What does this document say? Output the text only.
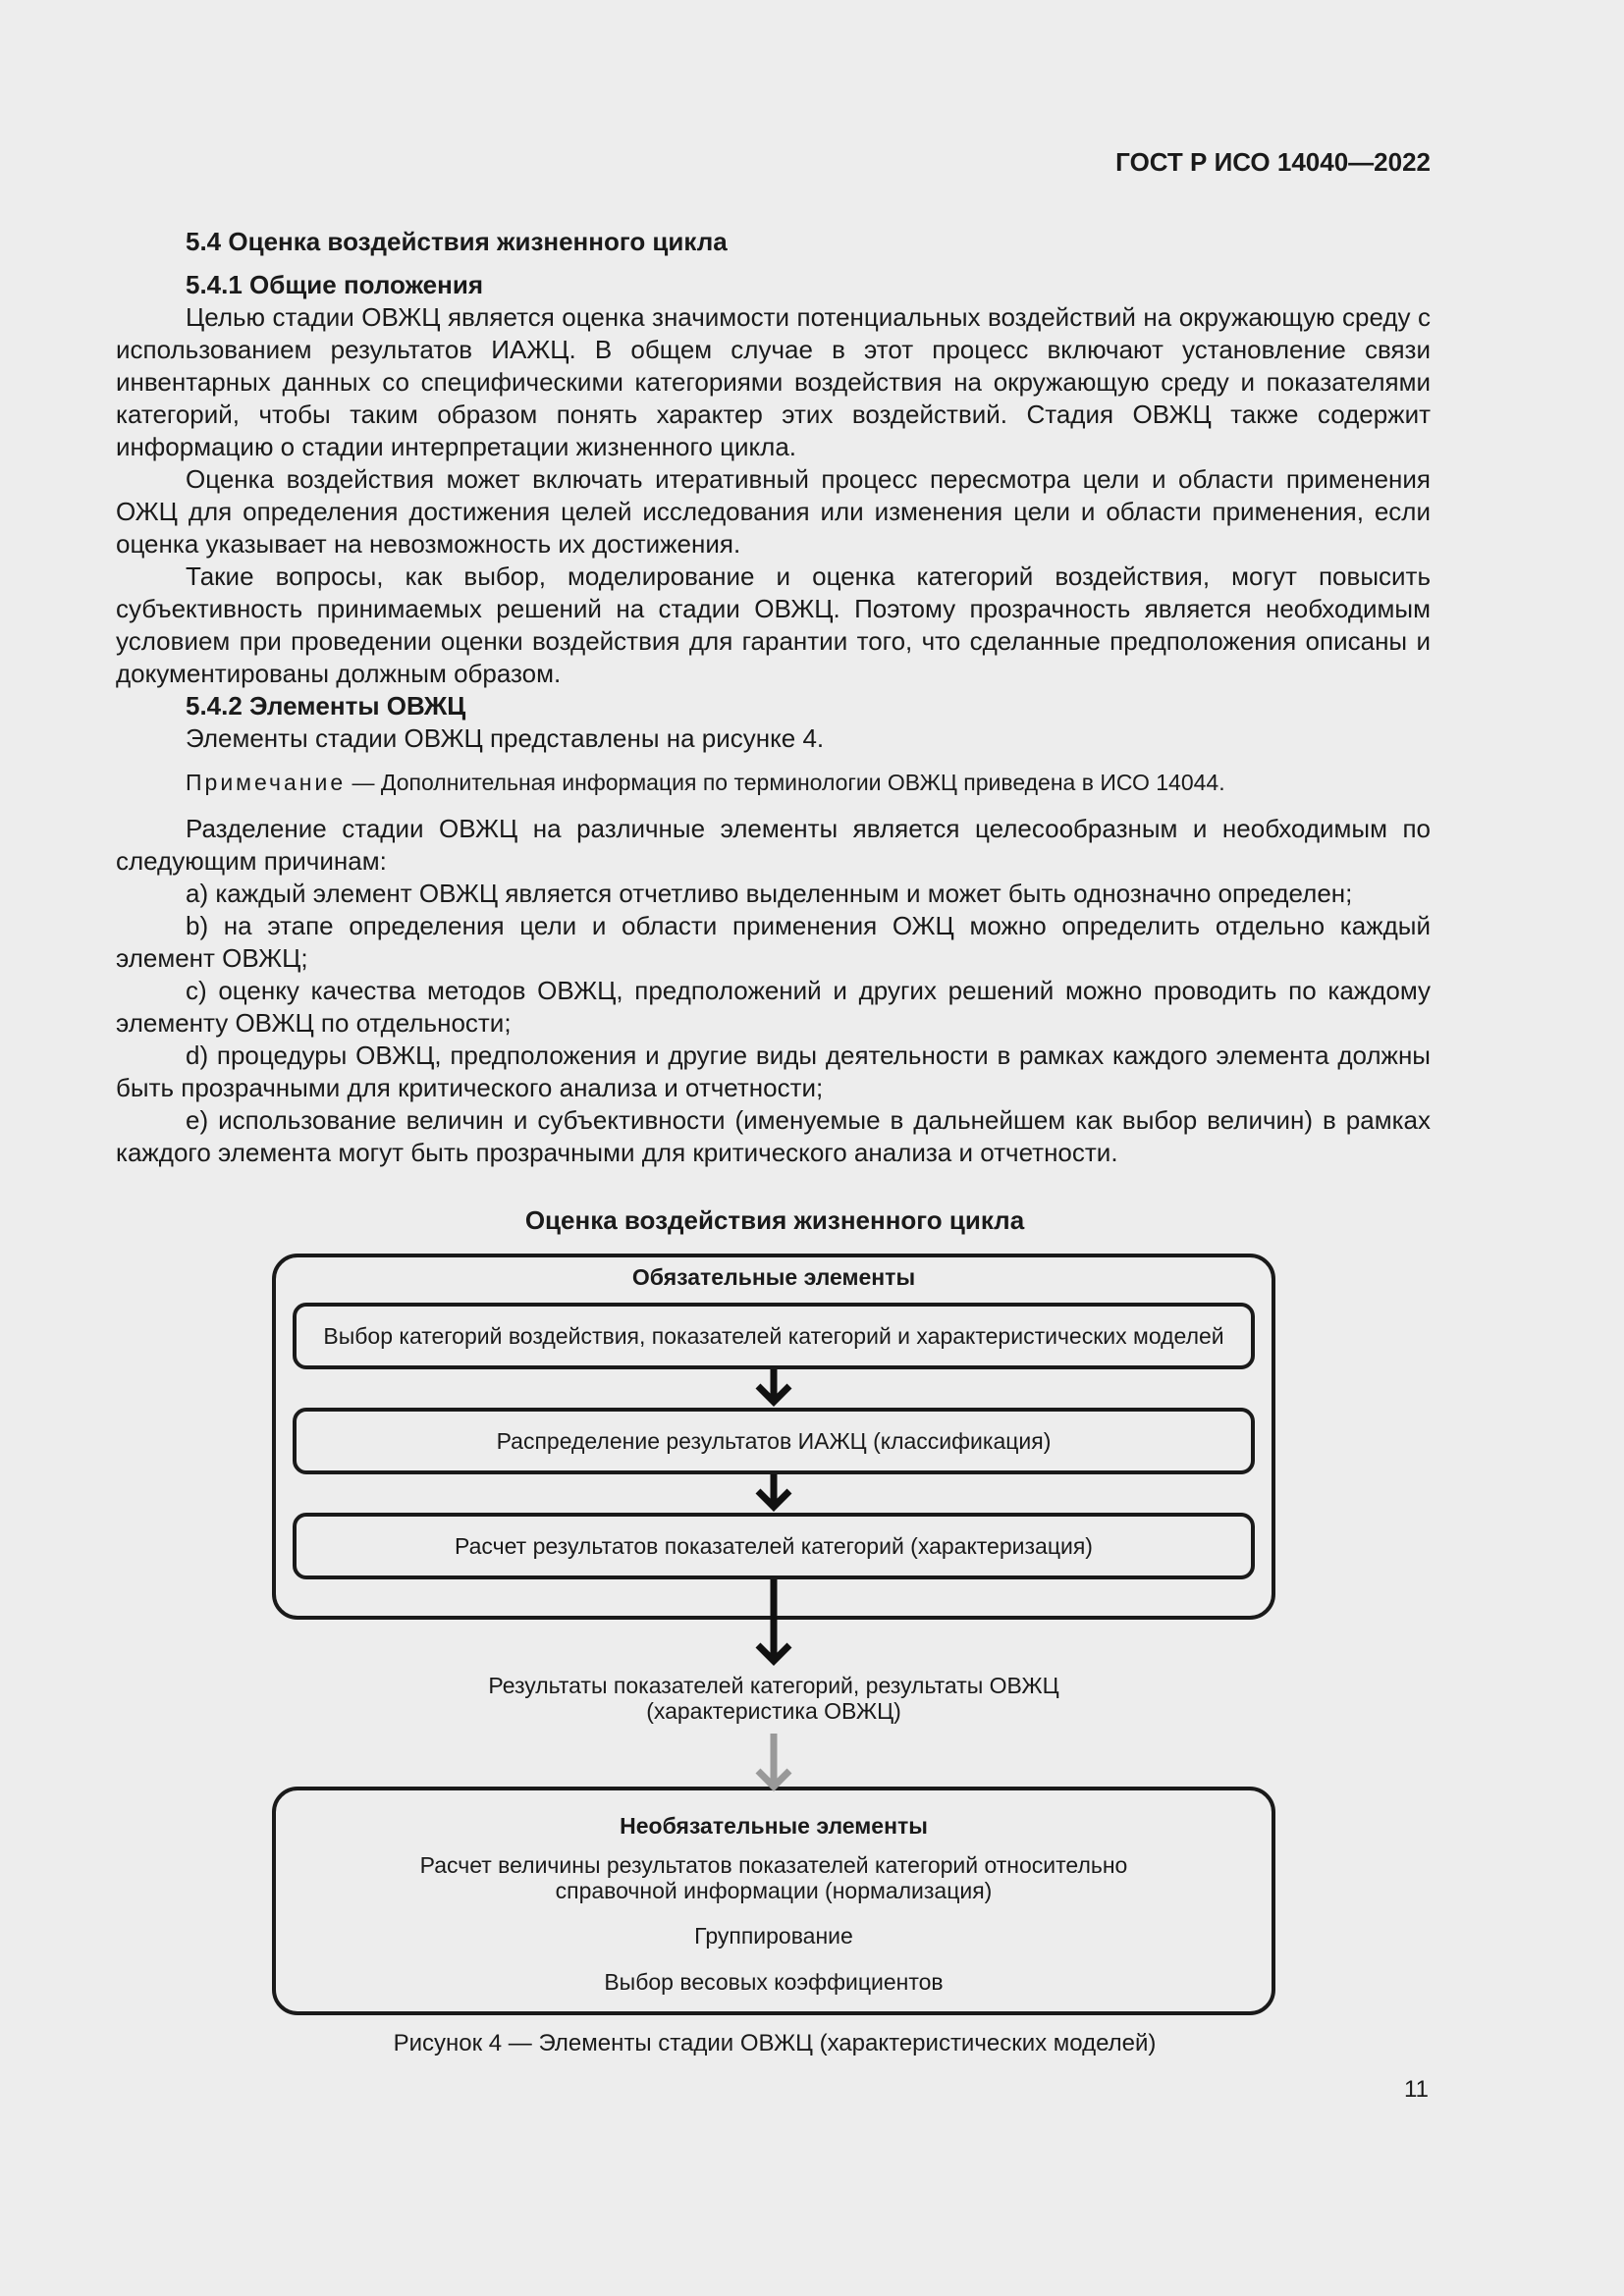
ГОСТ Р ИСО 14040—2022
5.4 Оценка воздействия жизненного цикла
5.4.1 Общие положения
Целью стадии ОВЖЦ является оценка значимости потенциальных воздействий на окружающую среду с использованием результатов ИАЖЦ. В общем случае в этот процесс включают установление связи инвентарных данных со специфическими категориями воздействия на окружающую среду и показателями категорий, чтобы таким образом понять характер этих воздействий. Стадия ОВЖЦ также содержит информацию о стадии интерпретации жизненного цикла.
Оценка воздействия может включать итеративный процесс пересмотра цели и области применения ОЖЦ для определения достижения целей исследования или изменения цели и области применения, если оценка указывает на невозможность их достижения.
Такие вопросы, как выбор, моделирование и оценка категорий воздействия, могут повысить субъективность принимаемых решений на стадии ОВЖЦ. Поэтому прозрачность является необходимым условием при проведении оценки воздействия для гарантии того, что сделанные предположения описаны и документированы должным образом.
5.4.2 Элементы ОВЖЦ
Элементы стадии ОВЖЦ представлены на рисунке 4.
Примечание — Дополнительная информация по терминологии ОВЖЦ приведена в ИСО 14044.
Разделение стадии ОВЖЦ на различные элементы является целесообразным и необходимым по следующим причинам:
a) каждый элемент ОВЖЦ является отчетливо выделенным и может быть однозначно определен;
b) на этапе определения цели и области применения ОЖЦ можно определить отдельно каждый элемент ОВЖЦ;
c) оценку качества методов ОВЖЦ, предположений и других решений можно проводить по каждому элементу ОВЖЦ по отдельности;
d) процедуры ОВЖЦ, предположения и другие виды деятельности в рамках каждого элемента должны быть прозрачными для критического анализа и отчетности;
e) использование величин и субъективности (именуемые в дальнейшем как выбор величин) в рамках каждого элемента могут быть прозрачными для критического анализа и отчетности.
Оценка воздействия жизненного цикла
Обязательные элементы
Выбор категорий воздействия, показателей категорий и характеристических моделей
Распределение результатов ИАЖЦ (классификация)
Расчет результатов показателей категорий (характеризация)
Результаты показателей категорий, результаты ОВЖЦ
(характеристика ОВЖЦ)
Необязательные элементы
Расчет величины результатов показателей категорий относительно
справочной информации (нормализация)
Группирование
Выбор весовых коэффициентов
Рисунок 4 — Элементы стадии ОВЖЦ (характеристических моделей)
11
